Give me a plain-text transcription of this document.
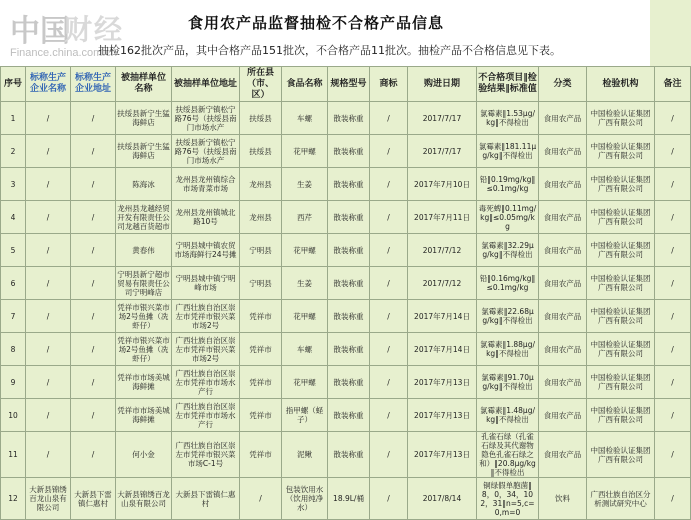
中国
财经
Finance.china.com.cn
食用农产品监督抽检不合格产品信息
抽检162批次产品，其中合格产品151批次，不合格产品11批次。抽检产品不合格信息见下表。
序号	标称生产企业名称	标称生产企业地址	被抽样单位名称	被抽样单位地址	所在县（市、区）	食品名称	规格型号	商标	购进日期	不合格项目‖检验结果‖标准值	分类	检验机构	备注
1	/	/	扶绥县新宁生猛海鲜店	扶绥县新宁镇松宁路76号（扶绥县南门市场水产	扶绥县	车螺	散装称重	/	2017/7/17	氯霉素‖1.53μg/kg‖不得检出	食用农产品	中国检验认证集团广西有限公司	/
2	/	/	扶绥县新宁生猛海鲜店	扶绥县新宁镇松宁路76号（扶绥县南门市场水产	扶绥县	花甲螺	散装称重	/	2017/7/17	氯霉素‖181.11μg/kg‖不得检出	食用农产品	中国检验认证集团广西有限公司	/
3	/	/	陈海冰	龙州县龙州镇综合市场青菜市场	龙州县	生姜	散装称重	/	2017年7月10日	铅‖0.19mg/kg‖≤0.1mg/kg	食用农产品	中国检验认证集团广西有限公司	/
4	/	/	龙州县龙越经贸开发有限责任公司龙越百货超市	龙州县龙州镇城北路10号	龙州县	西芹	散装称重	/	2017年7月11日	毒死蜱‖0.11mg/kg‖≤0.05mg/kg	食用农产品	中国检验认证集团广西有限公司	/
5	/	/	黄春伟	宁明县城中镇农贸市场海鲜行24号摊	宁明县	花甲螺	散装称重	/	2017/7/12	氯霉素‖32.29μg/kg‖不得检出	食用农产品	中国检验认证集团广西有限公司	/
6	/	/	宁明县新宁超市贸易有限责任公司宁明峰店	宁明县城中镇宁明峰市场	宁明县	生姜	散装称重	/	2017/7/12	铅‖0.16mg/kg‖≤0.1mg/kg	食用农产品	中国检验认证集团广西有限公司	/
7	/	/	凭祥市银兴菜市场2号鱼摊（冼虾仔）	广西壮族自治区崇左市凭祥市银兴菜市场2号	凭祥市	花甲螺	散装称重	/	2017年7月14日	氯霉素‖22.68μg/kg‖不得检出	食用农产品	中国检验认证集团广西有限公司	/
8	/	/	凭祥市银兴菜市场2号鱼摊（冼虾仔）	广西壮族自治区崇左市凭祥市银兴菜市场2号	凭祥市	车螺	散装称重	/	2017年7月14日	氯霉素‖1.88μg/kg‖不得检出	食用农产品	中国检验认证集团广西有限公司	/
9	/	/	凭祥市市场美城海鲜摊	广西壮族自治区崇左市凭祥市市场水产行	凭祥市	花甲螺	散装称重	/	2017年7月13日	氯霉素‖91.70μg/kg‖不得检出	食用农产品	中国检验认证集团广西有限公司	/
10	/	/	凭祥市市场美城海鲜摊	广西壮族自治区崇左市凭祥市市场水产行	凭祥市	指甲螺（蛏子）	散装称重	/	2017年7月13日	氯霉素‖1.48μg/kg‖不得检出	食用农产品	中国检验认证集团广西有限公司	/
11	/	/	何小金	广西壮族自治区崇左市凭祥市银兴菜市场C-1号	凭祥市	泥鳅	散装称重	/	2017年7月13日	孔雀石绿（孔雀石绿及其代谢物隐色孔雀石绿之和）‖20.8μg/kg‖不得检出	食用农产品	中国检验认证集团广西有限公司	/
12	大新县锦绣百龙山泉有限公司	大新县下雷镇仁惠村	大新县锦绣百龙山泉有限公司	大新县下雷镇仁惠村	/	包装饮用水（饮用纯净水）	18.9L/桶	/	2017/8/14	铜绿假单胞菌‖8，0，34，102，31‖n=5,c=0,m=0	饮料	广西壮族自治区分析测试研究中心	/
